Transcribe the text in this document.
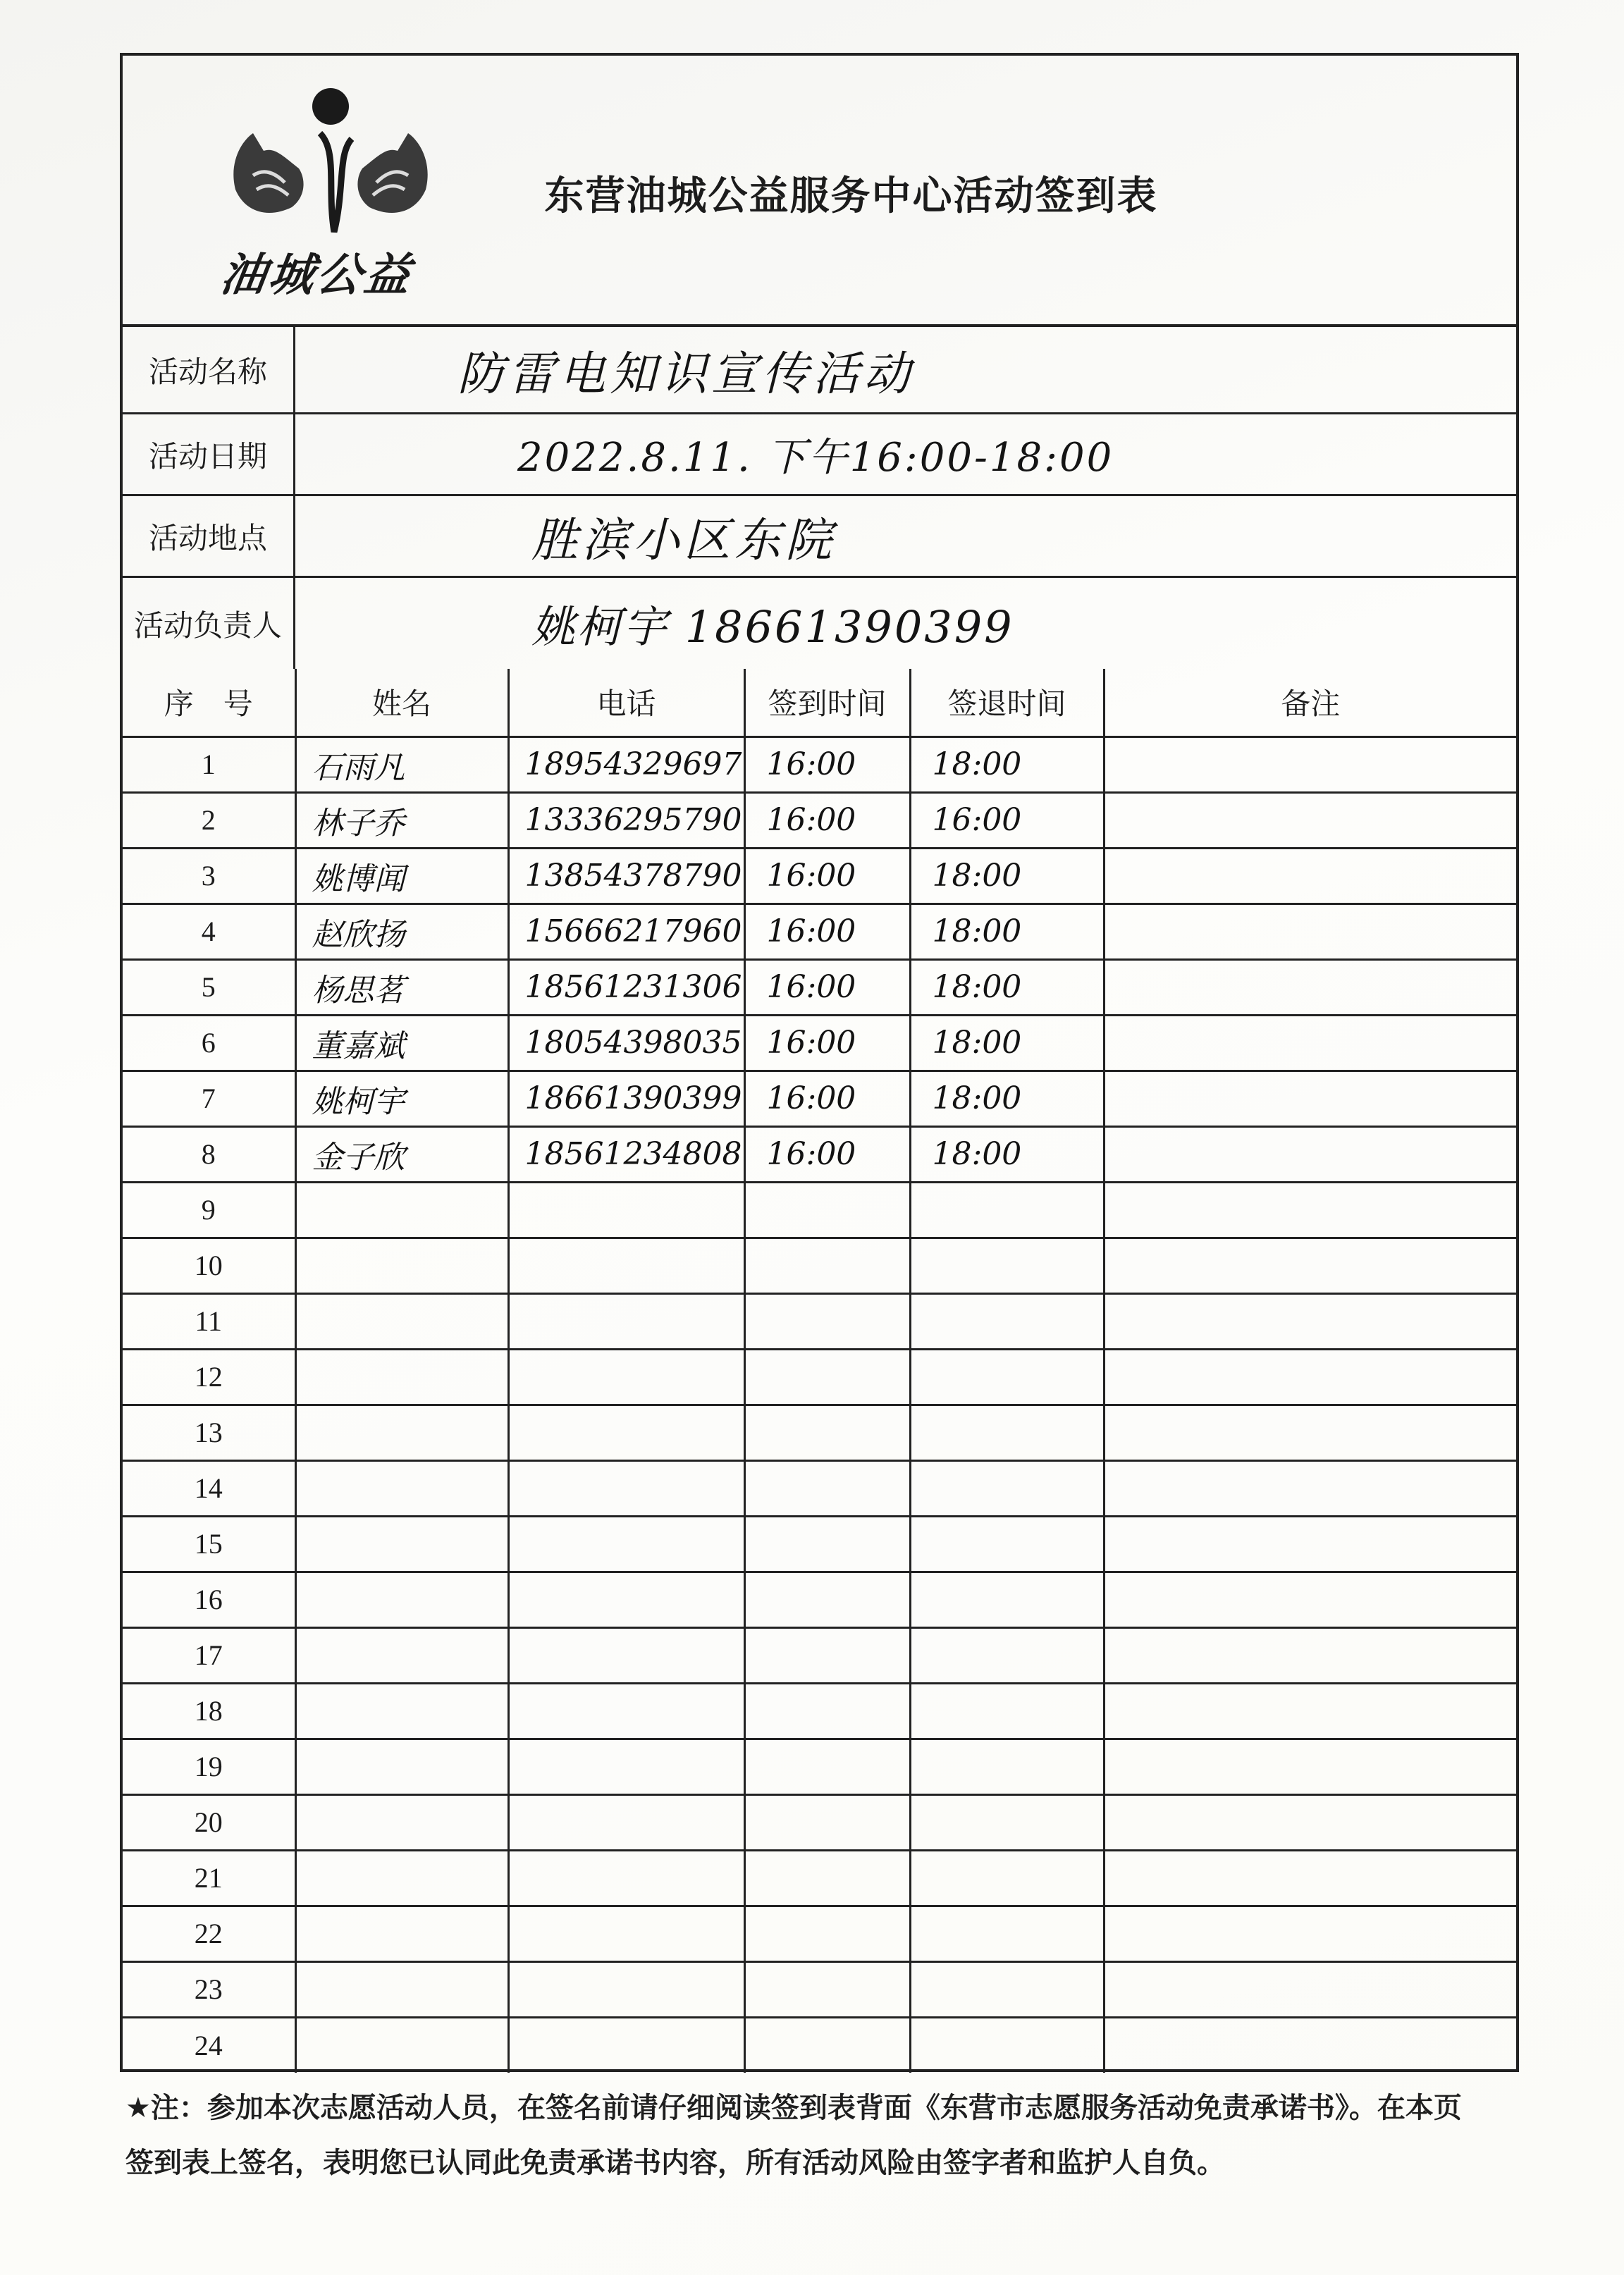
油城公益
东营油城公益服务中心活动签到表
活动名称	防雷电知识宣传活动
活动日期	2022.8.11. 下午16:00-18:00
活动地点	胜滨小区东院
活动负责人	姚柯宇 18661390399
序　号	姓名	电话	签到时间	签退时间	备注
1	石雨凡	18954329697	16:00	18:00	
2	林子乔	13336295790	16:00	16:00	
3	姚博闻	13854378790	16:00	18:00	
4	赵欣扬	15666217960	16:00	18:00	
5	杨思茗	18561231306	16:00	18:00	
6	董嘉斌	18054398035	16:00	18:00	
7	姚柯宇	18661390399	16:00	18:00	
8	金子欣	18561234808	16:00	18:00	
9					
10					
11					
12					
13					
14					
15					
16					
17					
18					
19					
20					
21					
22					
23					
24					
★注：参加本次志愿活动人员，在签名前请仔细阅读签到表背面《东营市志愿服务活动免责承诺书》。在本页签到表上签名，表明您已认同此免责承诺书内容，所有活动风险由签字者和监护人自负。
